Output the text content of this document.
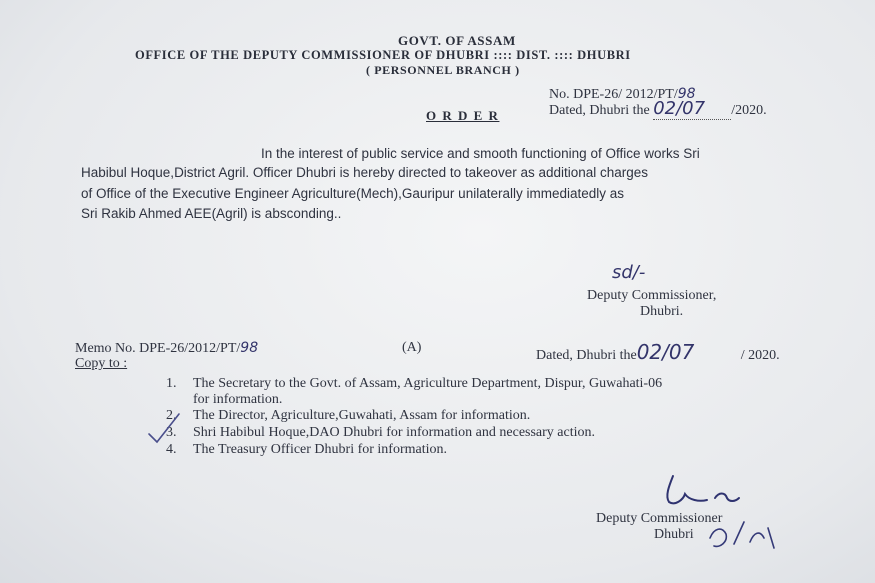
GOVT. OF ASSAM
OFFICE OF THE DEPUTY COMMISSIONER OF DHUBRI :::: DIST. :::: DHUBRI
( PERSONNEL BRANCH )
No. DPE-26/ 2012/PT/98
Dated, Dhubri the 02/07 /2020.
O R D E R
In the interest of public service and smooth functioning of Office works Sri
Habibul Hoque,District Agril. Officer Dhubri is hereby directed to takeover as additional charges
of Office of the Executive Engineer Agriculture(Mech),Gauripur unilaterally immediatedly as
Sri Rakib Ahmed AEE(Agril) is absconding..
sd/-
Deputy Commissioner,
Dhubri.
Memo No. DPE-26/2012/PT/98	(A)
Dated, Dhubri the02/07	/ 2020.
Copy to :
1. The Secretary to the Govt. of Assam, Agriculture Department, Dispur, Guwahati-06
for information.
2. The Director, Agriculture,Guwahati, Assam for information.
3. Shri Habibul Hoque,DAO Dhubri for information and necessary action.
4. The Treasury Officer Dhubri for information.
Deputy Commissioner
Dhubri
